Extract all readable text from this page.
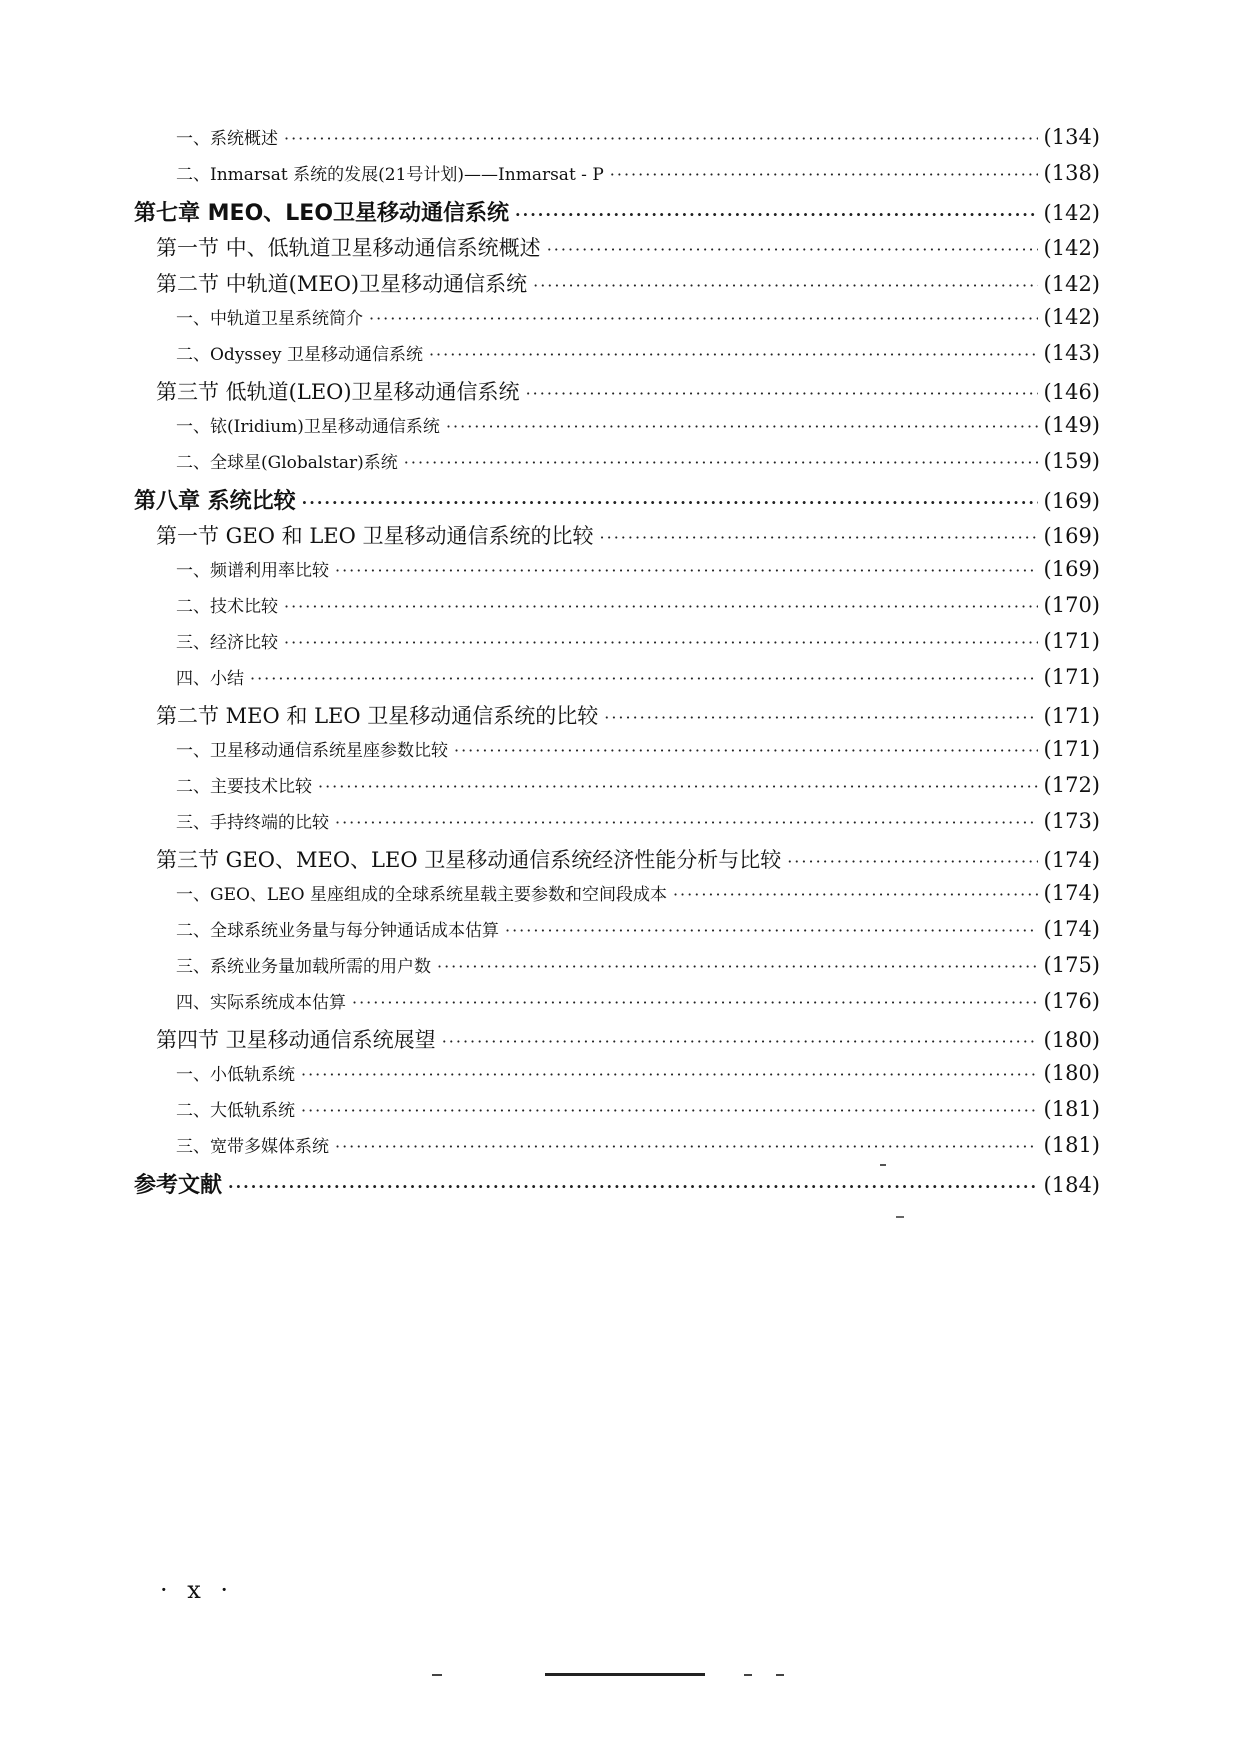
一、系统概述 ·····	(134)
二、Inmarsat 系统的发展(21号计划)——Inmarsat - P ·····	(138)
第七章 MEO、LEO卫星移动通信系统 ·····	(142)
第一节 中、低轨道卫星移动通信系统概述 ·····	(142)
第二节 中轨道(MEO)卫星移动通信系统 ·····	(142)
一、中轨道卫星系统简介 ·····	(142)
二、Odyssey 卫星移动通信系统 ·····	(143)
第三节 低轨道(LEO)卫星移动通信系统 ·····	(146)
一、铱(Iridium)卫星移动通信系统 ·····	(149)
二、全球星(Globalstar)系统 ·····	(159)
第八章 系统比较 ·····	(169)
第一节 GEO 和 LEO 卫星移动通信系统的比较 ·····	(169)
一、频谱利用率比较 ·····	(169)
二、技术比较 ·····	(170)
三、经济比较 ·····	(171)
四、小结 ·····	(171)
第二节 MEO 和 LEO 卫星移动通信系统的比较 ·····	(171)
一、卫星移动通信系统星座参数比较 ·····	(171)
二、主要技术比较 ·····	(172)
三、手持终端的比较 ·····	(173)
第三节 GEO、MEO、LEO 卫星移动通信系统经济性能分析与比较 ·····	(174)
一、GEO、LEO 星座组成的全球系统星载主要参数和空间段成本 ·····	(174)
二、全球系统业务量与每分钟通话成本估算 ·····	(174)
三、系统业务量加载所需的用户数 ·····	(175)
四、实际系统成本估算 ·····	(176)
第四节 卫星移动通信系统展望 ·····	(180)
一、小低轨系统 ·····	(180)
二、大低轨系统 ·····	(181)
三、宽带多媒体系统 ·····	(181)
参考文献 ·····	(184)
· x ·
